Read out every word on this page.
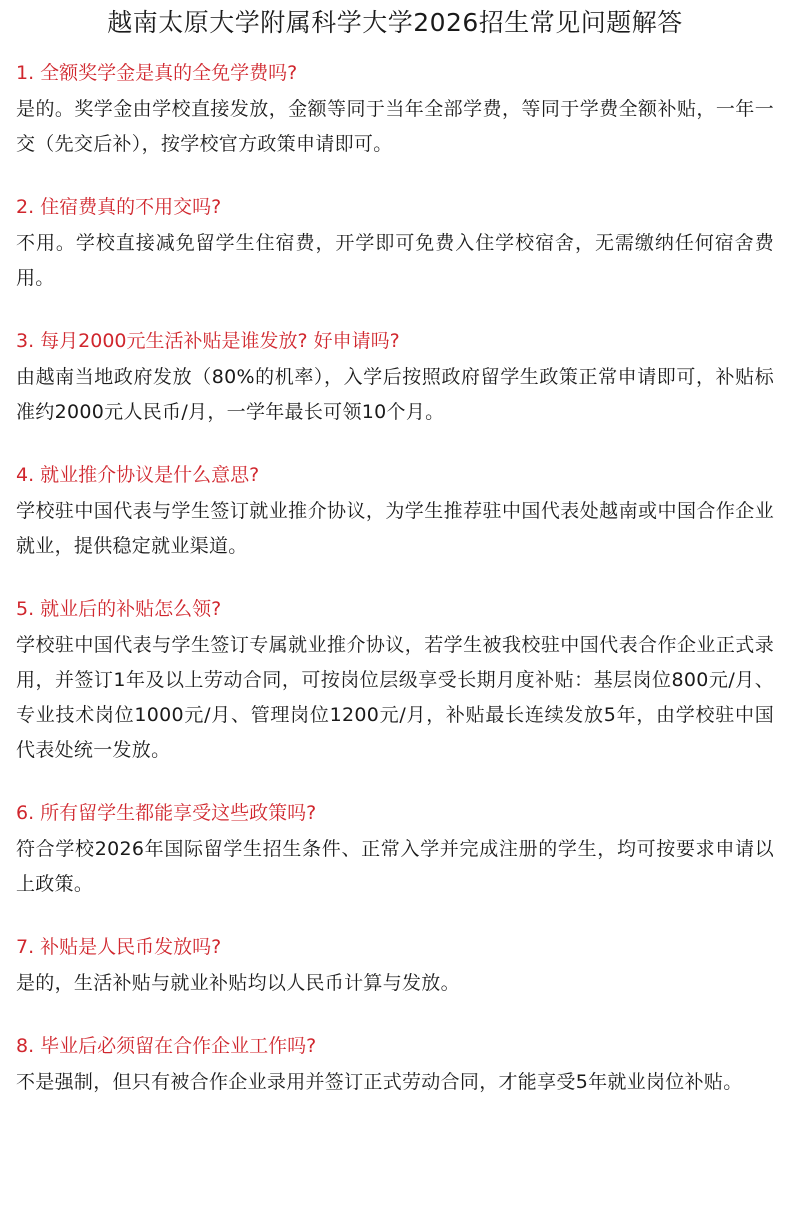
越南太原大学附属科学大学2026招生常见问题解答
1. 全额奖学金是真的全免学费吗?

是的。奖学金由学校直接发放，金额等同于当年全部学费，等同于学费全额补贴，一年一交（先交后补），按学校官方政策申请即可。

2. 住宿费真的不用交吗?

不用。学校直接减免留学生住宿费，开学即可免费入住学校宿舍，无需缴纳任何宿舍费用。

3. 每月2000元生活补贴是谁发放? 好申请吗?

由越南当地政府发放（80%的机率），入学后按照政府留学生政策正常申请即可，补贴标准约2000元人民币/月，一学年最长可领10个月。

4. 就业推介协议是什么意思?

学校驻中国代表与学生签订就业推介协议，为学生推荐驻中国代表处越南或中国合作企业就业，提供稳定就业渠道。

5. 就业后的补贴怎么领?

学校驻中国代表与学生签订专属就业推介协议，若学生被我校驻中国代表合作企业正式录用，并签订1年及以上劳动合同，可按岗位层级享受长期月度补贴：基层岗位800元/月、专业技术岗位1000元/月、管理岗位1200元/月，补贴最长连续发放5年，由学校驻中国代表处统一发放。

6. 所有留学生都能享受这些政策吗?

符合学校2026年国际留学生招生条件、正常入学并完成注册的学生，均可按要求申请以上政策。

7. 补贴是人民币发放吗?

是的，生活补贴与就业补贴均以人民币计算与发放。

8. 毕业后必须留在合作企业工作吗?

不是强制，但只有被合作企业录用并签订正式劳动合同，才能享受5年就业岗位补贴。
